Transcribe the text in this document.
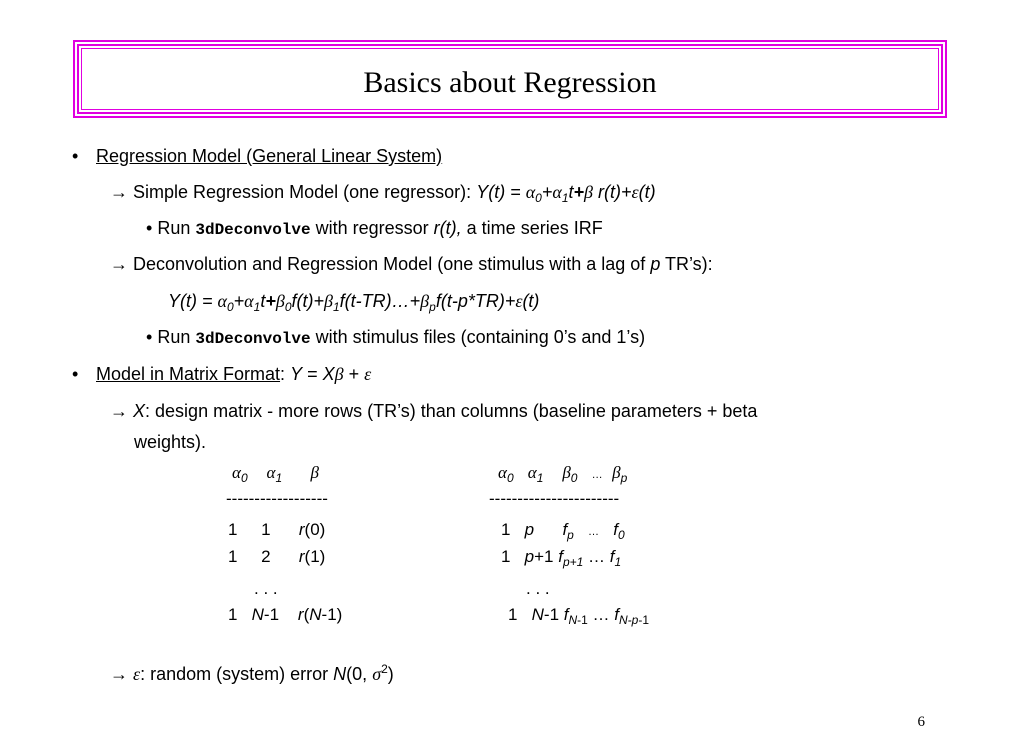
Basics about Regression
• Regression Model (General Linear System)
→ Simple Regression Model (one regressor): $Y(t) = \alpha_0+\alpha_1t+\beta$ r(t)+ε(t)
• Run 3dDeconvolve with regressor r(t), a time series IRF
→ Deconvolution and Regression Model (one stimulus with a lag of p TR’s):
$Y(t) = \alpha_0+\alpha_1t+\beta_0f(t)+\beta_1f(t-TR)\dots+\beta_pf(t-p*TR)+\varepsilon(t)$
• Run 3dDeconvolve with stimulus files (containing 0’s and 1’s)
• Model in Matrix Format: Y = Xβ + ε
→ X: design matrix - more rows (TR’s) than columns (baseline parameters + beta
weights).
$\alpha_0$ $\alpha_1$ β
------------------
1     1      r(0)
1     2      r(1)
. . .
1   N-1    r(N-1)
$\alpha_0$ $\alpha_1$ $\beta_0$ … $\beta_p$
-----------------------
1   p $f_p$ … $f_0$
1   p+1 $f_{p+1}$ … $f_1$
. . .
1   N-1 $f_{N-1}$ … $f_{N-p-1}$
→ ε: random (system) error N(0, $\sigma^2$)
6
